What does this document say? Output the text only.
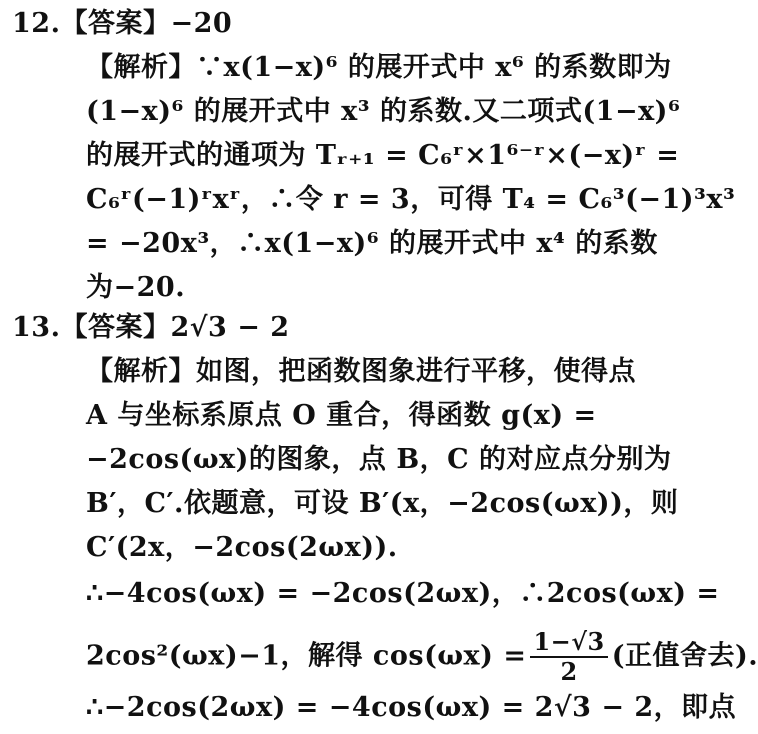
12.【答案】−20
【解析】∵x(1−x)⁶ 的展开式中 x⁶ 的系数即为
(1−x)⁶ 的展开式中 x³ 的系数.又二项式(1−x)⁶
的展开式的通项为 Tᵣ₊₁ = C₆ʳ×1⁶⁻ʳ×(−x)ʳ =
C₆ʳ(−1)ʳxʳ，∴令 r = 3，可得 T₄ = C₆³(−1)³x³
= −20x³，∴x(1−x)⁶ 的展开式中 x⁴ 的系数
为−20.
13.【答案】2√3 − 2
【解析】如图，把函数图象进行平移，使得点
A 与坐标系原点 O 重合，得函数 g(x) =
−2cos(ωx)的图象，点 B，C 的对应点分别为
B′，C′.依题意，可设 B′(x，−2cos(ωx))，则
C′(2x，−2cos(2ωx)).
∴−4cos(ωx) = −2cos(2ωx)，∴2cos(ωx) =
2cos²(ωx)−1，解得 $\cos(\omega x) = \frac{1-√3}{2}$ (正值舍去).
∴−2cos(2ωx) = −4cos(ωx) = 2√3 − 2，即点
